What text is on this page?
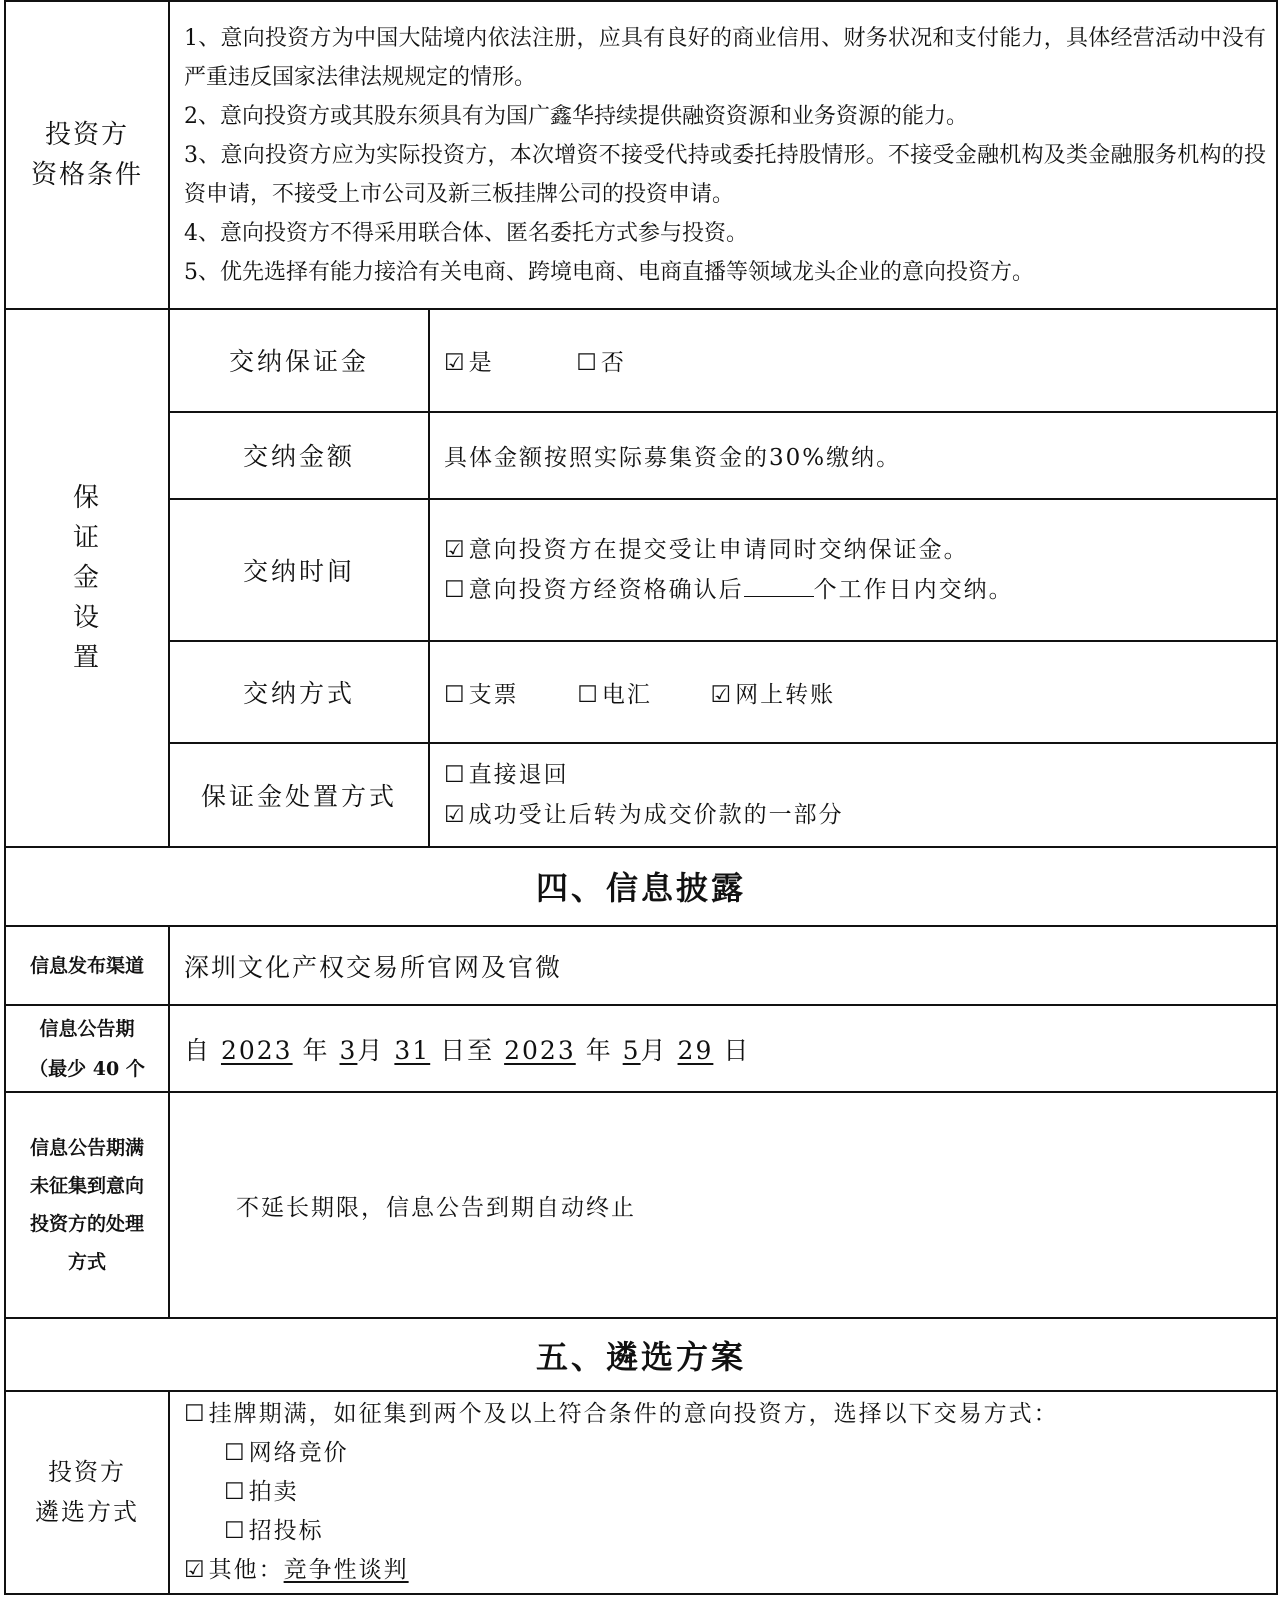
投资方
资格条件	1、意向投资方为中国大陆境内依法注册，应具有良好的商业信用、财务状况和支付能力，具体经营活动中没有严重违反国家法律法规规定的情形。
2、意向投资方或其股东须具有为国广鑫华持续提供融资资源和业务资源的能力。
3、意向投资方应为实际投资方，本次增资不接受代持或委托持股情形。不接受金融机构及类金融服务机构的投资申请，不接受上市公司及新三板挂牌公司的投资申请。
4、意向投资方不得采用联合体、匿名委托方式参与投资。
5、优先选择有能力接洽有关电商、跨境电商、电商直播等领域龙头企业的意向投资方。	

保
证
金
设
置	交纳保证金	☑是 ☐否
	交纳金额	具体金额按照实际募集资金的30%缴纳。
	交纳时间	☑意向投资方在提交受让申请同时交纳保证金。
☐意向投资方经资格确认后 个工作日内交纳。

	交纳方式	☐支票 ☐电汇 ☑网上转账
	保证金处置方式	☐直接退回
☑成功受让后转为成交价款的一部分

四、信息披露		
信息发布渠道	深圳文化产权交易所官网及官微	

信息公告期
（最少 40 个	自 2023 年 3月 31 日至 2023 年 5月 29 日	

信息公告期满
未征集到意向
投资方的处理
方式	不延长期限，信息公告到期自动终止	
五、遴选方案		

投资方
遴选方式	☐挂牌期满，如征集到两个及以上符合条件的意向投资方，选择以下交易方式：
☐网络竞价
☐拍卖
☐招投标
☑其他：竞争性谈判	
